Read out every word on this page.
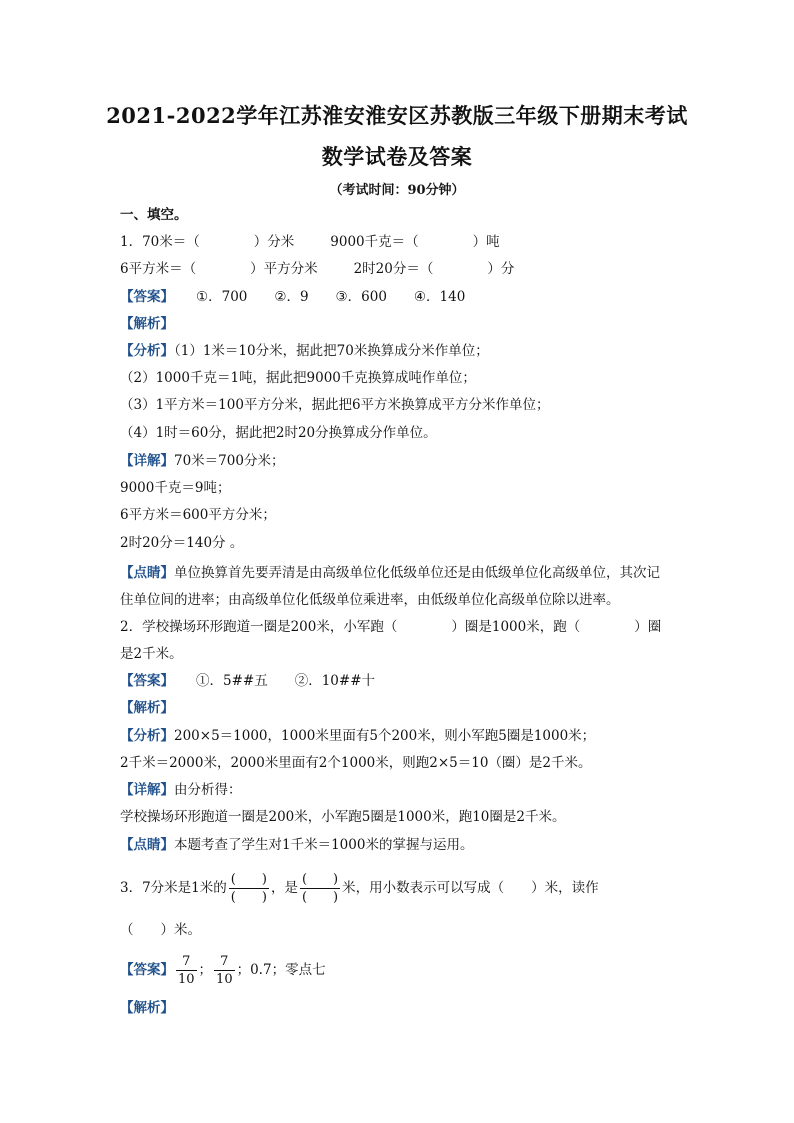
2021-2022学年江苏淮安淮安区苏教版三年级下册期末考试
数学试卷及答案
（考试时间：90分钟）
一、填空。
1．70米＝（　　　　）分米	9000千克＝（　　　　）吨
6平方米＝（　　　　）平方分米	2时20分＝（　　　　）分
【答案】 ①．700　　②．9　　③．600　　④．140
【解析】
【分析】（1）1米＝10分米，据此把70米换算成分米作单位；
（2）1000千克＝1吨，据此把9000千克换算成吨作单位；
（3）1平方米＝100平方分米，据此把6平方米换算成平方分米作单位；
（4）1时＝60分，据此把2时20分换算成分作单位。
【详解】70米＝700分米；
9000千克＝9吨；
6平方米＝600平方分米；
2时20分＝140分 。
【点睛】单位换算首先要弄清是由高级单位化低级单位还是由低级单位化高级单位，其次记
住单位间的进率；由高级单位化低级单位乘进率，由低级单位化高级单位除以进率。
2．学校操场环形跑道一圈是200米，小军跑（　　　　）圈是1000米，跑（　　　　）圈
是2千米。
【答案】 ①．5##五　　②．10##十
【解析】
【分析】200×5＝1000，1000米里面有5个200米，则小军跑5圈是1000米；
2千米＝2000米，2000米里面有2个1000米，则跑2×5＝10（圈）是2千米。
【详解】由分析得：
学校操场环形跑道一圈是200米，小军跑5圈是1000米，跑10圈是2千米。
【点睛】本题考查了学生对1千米＝1000米的掌握与运用。
3．7分米是1米的 $\frac{( )}{( )}$ ，是 $\frac{( )}{( )}$ 米，用小数表示可以写成（　　）米，读作
（　　）米。
【答案】 $\frac{7}{10}$ ； $\frac{7}{10}$ ；0.7；零点七
【解析】
